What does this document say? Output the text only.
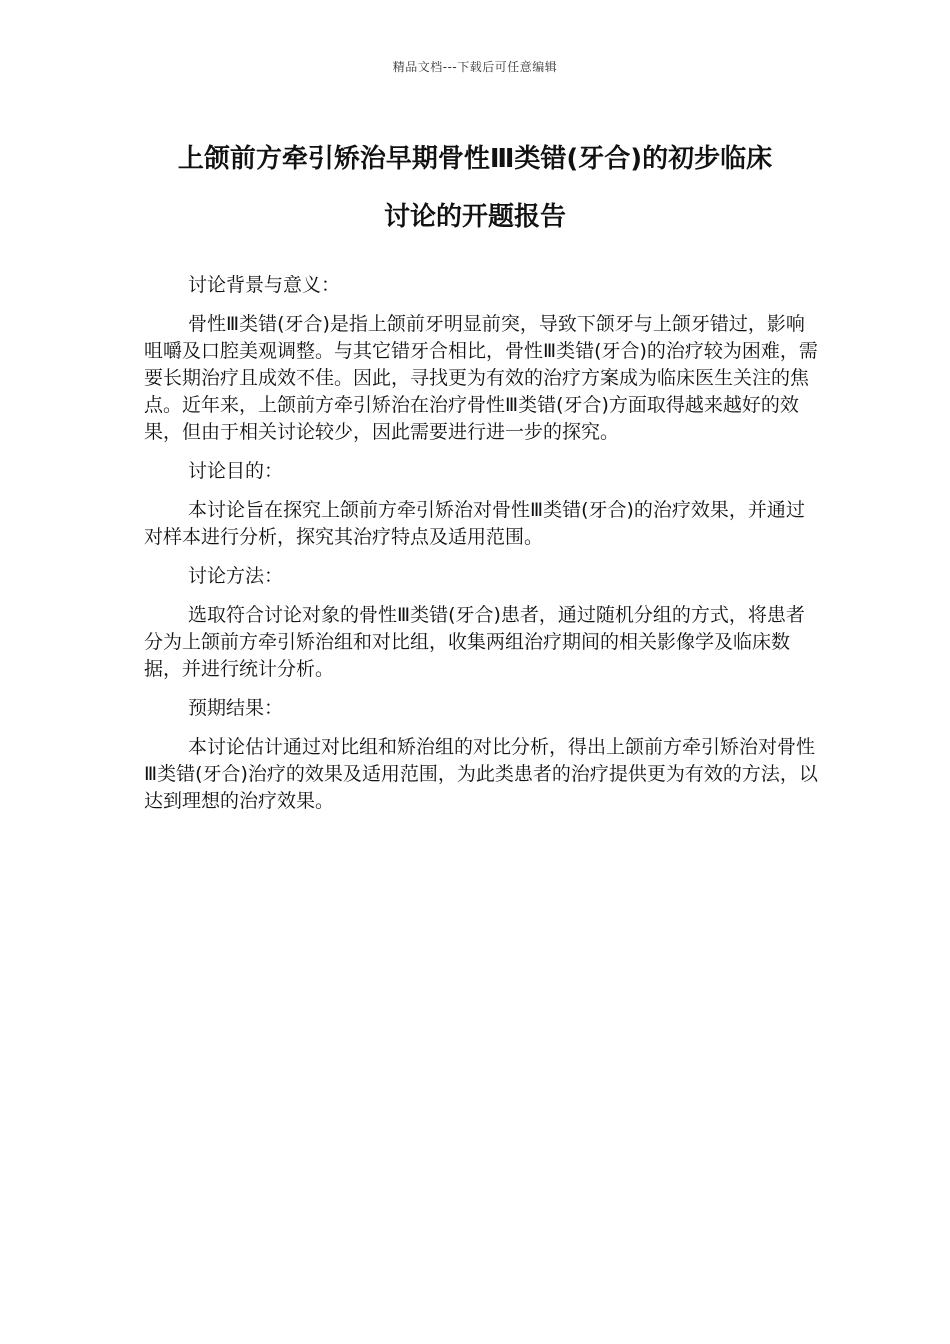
精品文档---下载后可任意编辑
上颌前方牵引矫治早期骨性Ⅲ类错(牙合)的初步临床
讨论的开题报告

讨论背景与意义：

骨性Ⅲ类错(牙合)是指上颌前牙明显前突，导致下颌牙与上颌牙错过，影响咀嚼及口腔美观调整。与其它错牙合相比，骨性Ⅲ类错(牙合)的治疗较为困难，需要长期治疗且成效不佳。因此，寻找更为有效的治疗方案成为临床医生关注的焦点。近年来，上颌前方牵引矫治在治疗骨性Ⅲ类错(牙合)方面取得越来越好的效果，但由于相关讨论较少，因此需要进行进一步的探究。

讨论目的：

本讨论旨在探究上颌前方牵引矫治对骨性Ⅲ类错(牙合)的治疗效果，并通过对样本进行分析，探究其治疗特点及适用范围。

讨论方法：

选取符合讨论对象的骨性Ⅲ类错(牙合)患者，通过随机分组的方式，将患者分为上颌前方牵引矫治组和对比组，收集两组治疗期间的相关影像学及临床数据，并进行统计分析。

预期结果：

本讨论估计通过对比组和矫治组的对比分析，得出上颌前方牵引矫治对骨性Ⅲ类错(牙合)治疗的效果及适用范围，为此类患者的治疗提供更为有效的方法，以达到理想的治疗效果。
